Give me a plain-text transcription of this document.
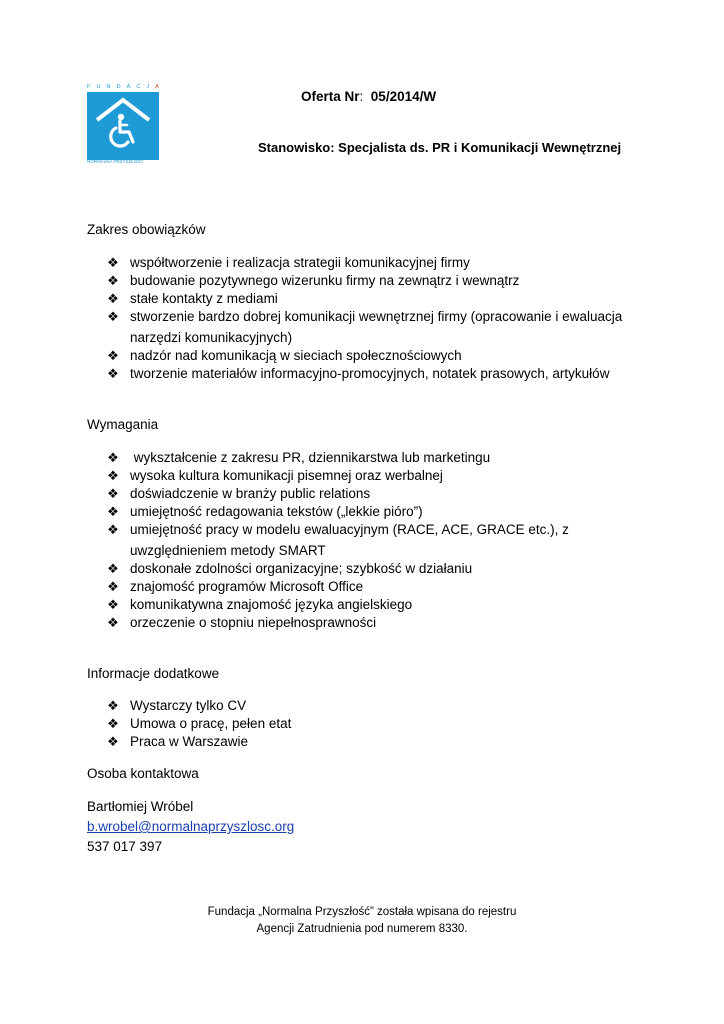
F U N D A C J A
NORMALNA PRZYSZŁOŚĆ
Oferta Nr: 05/2014/W
Stanowisko: Specjalista ds. PR i Komunikacji Wewnętrznej
Zakres obowiązków
❖ współtworzenie i realizacja strategii komunikacyjnej firmy
❖ budowanie pozytywnego wizerunku firmy na zewnątrz i wewnątrz
❖ stałe kontakty z mediami
❖ stworzenie bardzo dobrej komunikacji wewnętrznej firmy (opracowanie i ewaluacja
narzędzi komunikacyjnych)
❖ nadzór nad komunikacją w sieciach społecznościowych
❖ tworzenie materiałów informacyjno-promocyjnych, notatek prasowych, artykułów
Wymagania
❖ wykształcenie z zakresu PR, dziennikarstwa lub marketingu
❖ wysoka kultura komunikacji pisemnej oraz werbalnej
❖ doświadczenie w branży public relations
❖ umiejętność redagowania tekstów („lekkie pióro”)
❖ umiejętność pracy w modelu ewaluacyjnym (RACE, ACE, GRACE etc.), z
uwzględnieniem metody SMART
❖ doskonałe zdolności organizacyjne; szybkość w działaniu
❖ znajomość programów Microsoft Office
❖ komunikatywna znajomość języka angielskiego
❖ orzeczenie o stopniu niepełnosprawności
Informacje dodatkowe
❖ Wystarczy tylko CV
❖ Umowa o pracę, pełen etat
❖ Praca w Warszawie
Osoba kontaktowa
Bartłomiej Wróbel
b.wrobel@normalnaprzyszlosc.org
537 017 397
Fundacja „Normalna Przyszłość” została wpisana do rejestru
Agencji Zatrudnienia pod numerem 8330.
